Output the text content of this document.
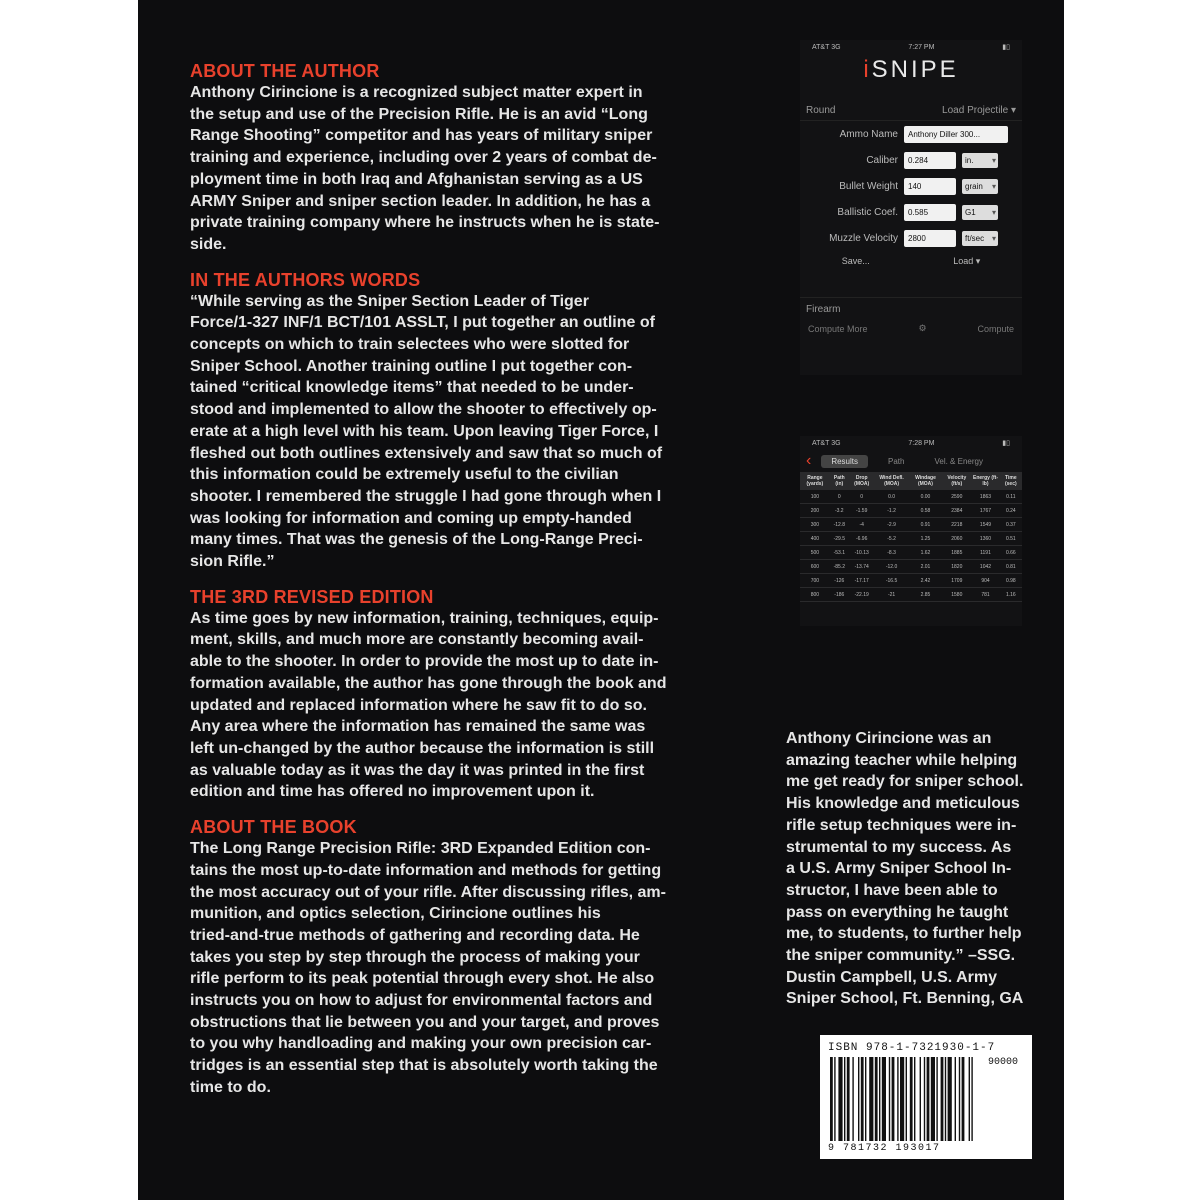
ABOUT THE AUTHOR
Anthony Cirincione is a recognized subject matter expert in
the setup and use of the Precision Rifle. He is an avid “Long
Range Shooting” competitor and has years of military sniper
training and experience, including over 2 years of combat de-
ployment time in both Iraq and Afghanistan serving as a US
ARMY Sniper and sniper section leader. In addition, he has a
private training company where he instructs when he is state-
side.
IN THE AUTHORS WORDS
“While serving as the Sniper Section Leader of Tiger
Force/1-327 INF/1 BCT/101 ASSLT, I put together an outline of
concepts on which to train selectees who were slotted for
Sniper School. Another training outline I put together con-
tained “critical knowledge items” that needed to be under-
stood and implemented to allow the shooter to effectively op-
erate at a high level with his team. Upon leaving Tiger Force, I
fleshed out both outlines extensively and saw that so much of
this information could be extremely useful to the civilian
shooter. I remembered the struggle I had gone through when I
was looking for information and coming up empty-handed
many times. That was the genesis of the Long-Range Preci-
sion Rifle.”
THE 3RD REVISED EDITION
As time goes by new information, training, techniques, equip-
ment, skills, and much more are constantly becoming avail-
able to the shooter. In order to provide the most up to date in-
formation available, the author has gone through the book and
updated and replaced information where he saw fit to do so.
Any area where the information has remained the same was
left un-changed by the author because the information is still
as valuable today as it was the day it was printed in the first
edition and time has offered no improvement upon it.
ABOUT THE BOOK
The Long Range Precision Rifle: 3RD Expanded Edition con-
tains the most up-to-date information and methods for getting
the most accuracy out of your rifle. After discussing rifles, am-
munition, and optics selection, Cirincione outlines his
tried-and-true methods of gathering and recording data. He
takes you step by step through the process of making your
rifle perform to its peak potential through every shot. He also
instructs you on how to adjust for environmental factors and
obstructions that lie between you and your target, and proves
to you why handloading and making your own precision car-
tridges is an essential step that is absolutely worth taking the
time to do.
AT&T 3G	7:27 PM	▮▯
iSNIPE
Round	Load Projectile ▾
Ammo Name	Anthony Diller 300...
Caliber	0.284	in. ▾
Bullet Weight	140	grain ▾
Ballistic Coef.	0.585	G1 ▾
Muzzle Velocity	2800	ft/sec ▾
Save...	Load ▾
Firearm
Compute More	⚙	Compute
AT&T 3G	7:28 PM	▮▯
‹	Results	Path	Vel. & Energy
Range (yards)	Path (in)	Drop (MOA)	Wind Defl. (MOA)	Windage (MOA)	Velocity (ft/s)	Energy (ft-lb)	Time (sec)
100	0	0	0.0	0.00	2590	1863	0.11
200	-3.2	-1.59	-1.2	0.58	2384	1767	0.24
300	-12.8	-4	-2.9	0.91	2218	1549	0.37
400	-29.5	-6.96	-5.2	1.25	2060	1360	0.51
500	-53.1	-10.13	-8.3	1.62	1885	1191	0.66
600	-85.2	-13.74	-12.0	2.01	1820	1042	0.81
700	-126	-17.17	-16.5	2.42	1709	904	0.98
800	-186	-22.19	-21	2.85	1580	781	1.16
Anthony Cirincione was an
amazing teacher while helping
me get ready for sniper school.
His knowledge and meticulous
rifle setup techniques were in-
strumental to my success. As
a U.S. Army Sniper School In-
structor, I have been able to
pass on everything he taught
me, to students, to further help
the sniper community.” –SSG.
Dustin Campbell, U.S. Army
Sniper School, Ft. Benning, GA
ISBN 978-1-7321930-1-7
90000
9 781732 193017
